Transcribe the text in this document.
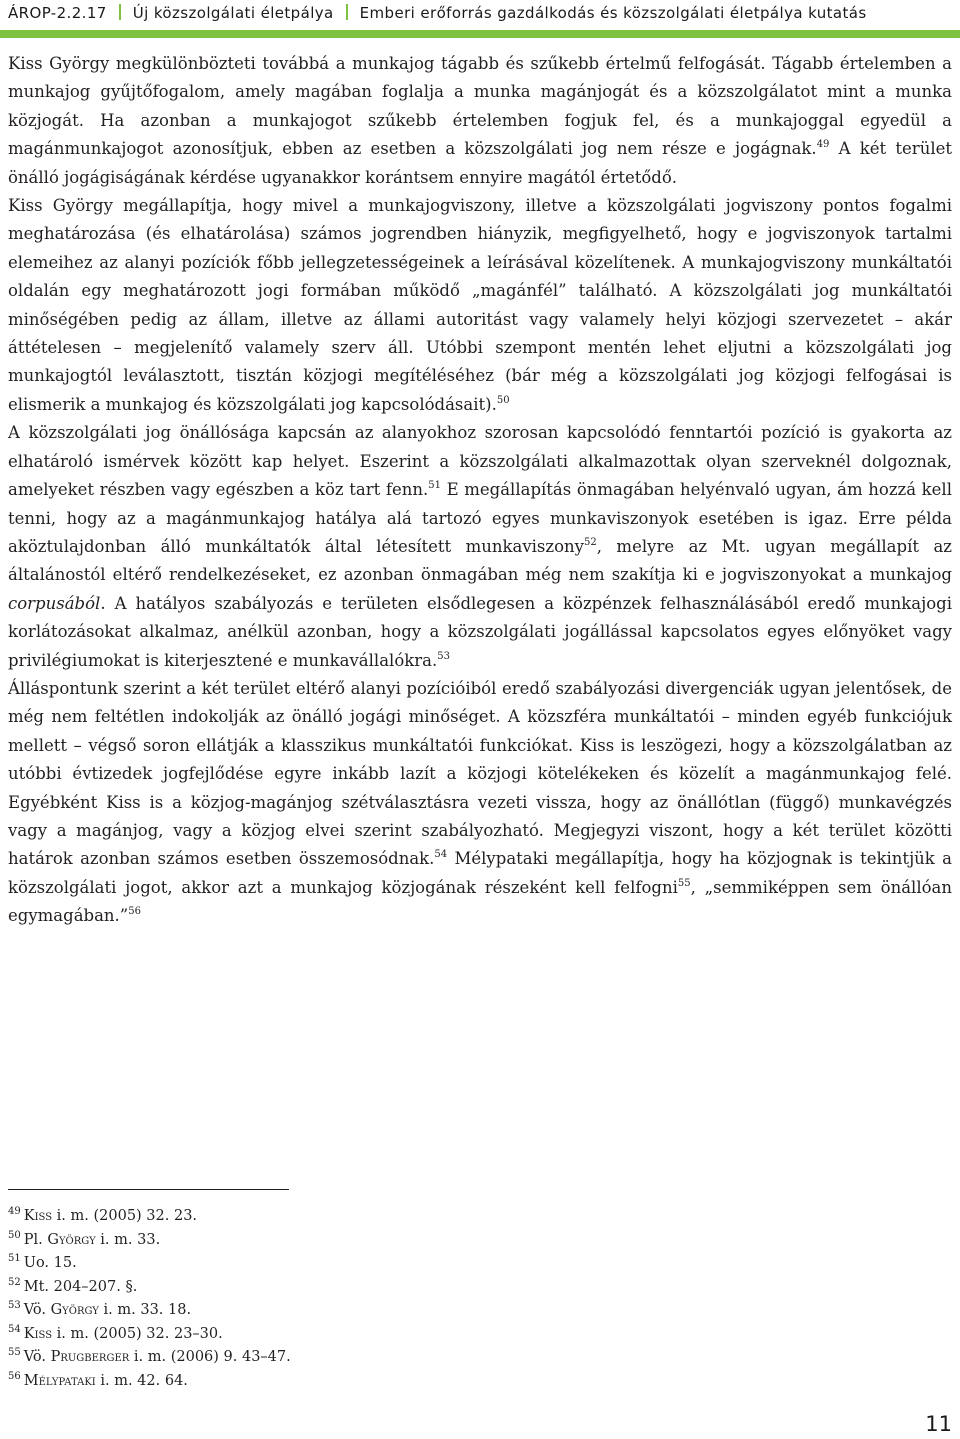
ÁROP-2.2.17 Új közszolgálati életpálya Emberi erőforrás gazdálkodás és közszolgálati életpálya kutatás

Kiss György megkülönbözteti továbbá a munkajog tágabb és szűkebb értelmű felfogását. Tágabb értelemben a munkajog gyűjtőfogalom, amely magában foglalja a munka magánjogát és a közszolgálatot mint a munka közjogát. Ha azonban a munkajogot szűkebb értelemben fogjuk fel, és a munkajoggal egyedül a magánmunkajogot azonosítjuk, ebben az esetben a közszolgálati jog nem része e jogágnak.$^{49}$ A két terület önálló jogágiságának kérdése ugyanakkor korántsem ennyire magától értetődő.

Kiss György megállapítja, hogy mivel a munkajogviszony, illetve a közszolgálati jogviszony pontos fogalmi meghatározása (és elhatárolása) számos jogrendben hiányzik, megfigyelhető, hogy e jogviszonyok tartalmi elemeihez az alanyi pozíciók főbb jellegzetességeinek a leírásával közelítenek. A munkajogviszony munkáltatói oldalán egy meghatározott jogi formában működő „magánfél” található. A közszolgálati jog munkáltatói minőségében pedig az állam, illetve az állami autoritást vagy valamely helyi közjogi szervezetet – akár áttételesen – megjelenítő valamely szerv áll. Utóbbi szempont mentén lehet eljutni a közszolgálati jog munkajogtól leválasztott, tisztán közjogi megítéléséhez (bár még a közszolgálati jog közjogi felfogásai is elismerik a munkajog és közszolgálati jog kapcsolódásait).$^{50}$

A közszolgálati jog önállósága kapcsán az alanyokhoz szorosan kapcsolódó fenntartói pozíció is gyakorta az elhatároló ismérvek között kap helyet. Eszerint a közszolgálati alkalmazottak olyan szerveknél dolgoznak, amelyeket részben vagy egészben a köz tart fenn.$^{51}$ E megállapítás önmagában helyénvaló ugyan, ám hozzá kell tenni, hogy az a magánmunkajog hatálya alá tartozó egyes munkaviszonyok esetében is igaz. Erre példa aköztulajdonban álló munkáltatók által létesített munkaviszony$^{52}$, melyre az Mt. ugyan megállapít az általánostól eltérő rendelkezéseket, ez azonban önmagában még nem szakítja ki e jogviszonyokat a munkajog corpusából. A hatályos szabályozás e területen elsődlegesen a közpénzek felhasználásából eredő munkajogi korlátozásokat alkalmaz, anélkül azonban, hogy a közszolgálati jogállással kapcsolatos egyes előnyöket vagy privilégiumokat is kiterjesztené e munkavállalókra.$^{53}$

Álláspontunk szerint a két terület eltérő alanyi pozícióiból eredő szabályozási divergenciák ugyan jelentősek, de még nem feltétlen indokolják az önálló jogági minőséget. A közszféra munkáltatói – minden egyéb funkciójuk mellett – végső soron ellátják a klasszikus munkáltatói funkciókat. Kiss is leszögezi, hogy a közszolgálatban az utóbbi évtizedek jogfejlődése egyre inkább lazít a közjogi kötelékeken és közelít a magánmunkajog felé. Egyébként Kiss is a közjog-magánjog szétválasztásra vezeti vissza, hogy az önállótlan (függő) munkavégzés vagy a magánjog, vagy a közjog elvei szerint szabályozható. Megjegyzi viszont, hogy a két terület közötti határok azonban számos esetben összemosódnak.$^{54}$ Mélypataki megállapítja, hogy ha közjognak is tekintjük a közszolgálati jogot, akkor azt a munkajog közjogának részeként kell felfogni$^{55}$, „semmiképpen sem önállóan egymagában.”$^{56}$

$^{49}$ Kiss i. m. (2005) 32. 23.
$^{50}$ Pl. György i. m. 33.
$^{51}$ Uo. 15.
$^{52}$ Mt. 204–207. §.
$^{53}$ Vö. György i. m. 33. 18.
$^{54}$ Kiss i. m. (2005) 32. 23–30.
$^{55}$ Vö. Prugberger i. m. (2006) 9. 43–47.
$^{56}$ Mélypataki i. m. 42. 64.
11
